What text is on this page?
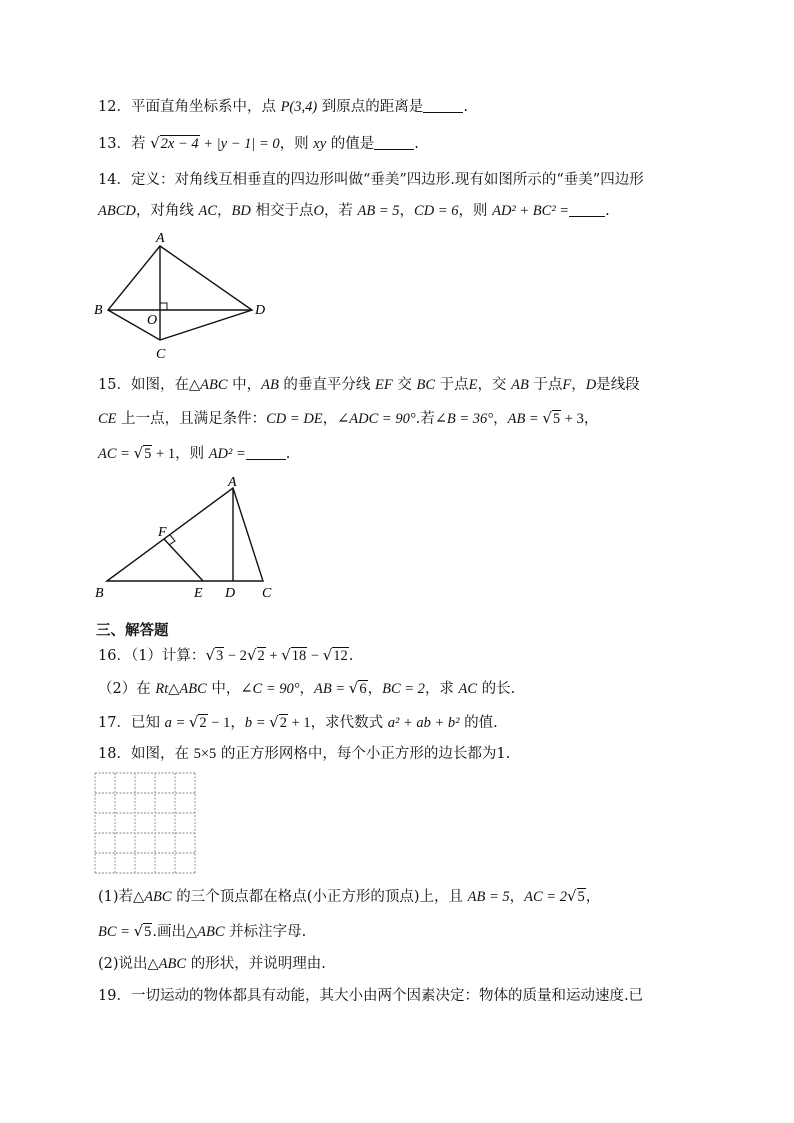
12．平面直角坐标系中，点 P(3,4) 到原点的距离是	.
13．若 √2x − 4 + |y − 1| = 0，则 xy 的值是	.
14．定义：对角线互相垂直的四边形叫做“垂美”四边形.现有如图所示的“垂美”四边形
ABCD，对角线 AC，BD 相交于点O，若 AB = 5，CD = 6，则 AD² + BC² = .
A
B
C
D
O
15．如图，在△ABC 中，AB 的垂直平分线 EF 交 BC 于点E，交 AB 于点F，D是线段
CE 上一点，且满足条件：CD = DE，∠ADC = 90°.若∠B = 36°，AB = √5 + 3，
AC = √5 + 1，则 AD² =	.
A
B	E D C
F
三、解答题
16．（1）计算：√3 − 2√2 + √18 − √12.
（2）在 Rt△ABC 中，∠C = 90°，AB = √6，BC = 2，求 AC 的长.
17．已知 a = √2 − 1，b = √2 + 1，求代数式 a² + ab + b² 的值.
18．如图，在 5×5 的正方形网格中，每个小正方形的边长都为1.
(1)若△ABC 的三个顶点都在格点(小正方形的顶点)上，且 AB = 5，AC = 2√5，
BC = √5.画出△ABC 并标注字母.
(2)说出△ABC 的形状，并说明理由.
19．一切运动的物体都具有动能，其大小由两个因素决定：物体的质量和运动速度.已
